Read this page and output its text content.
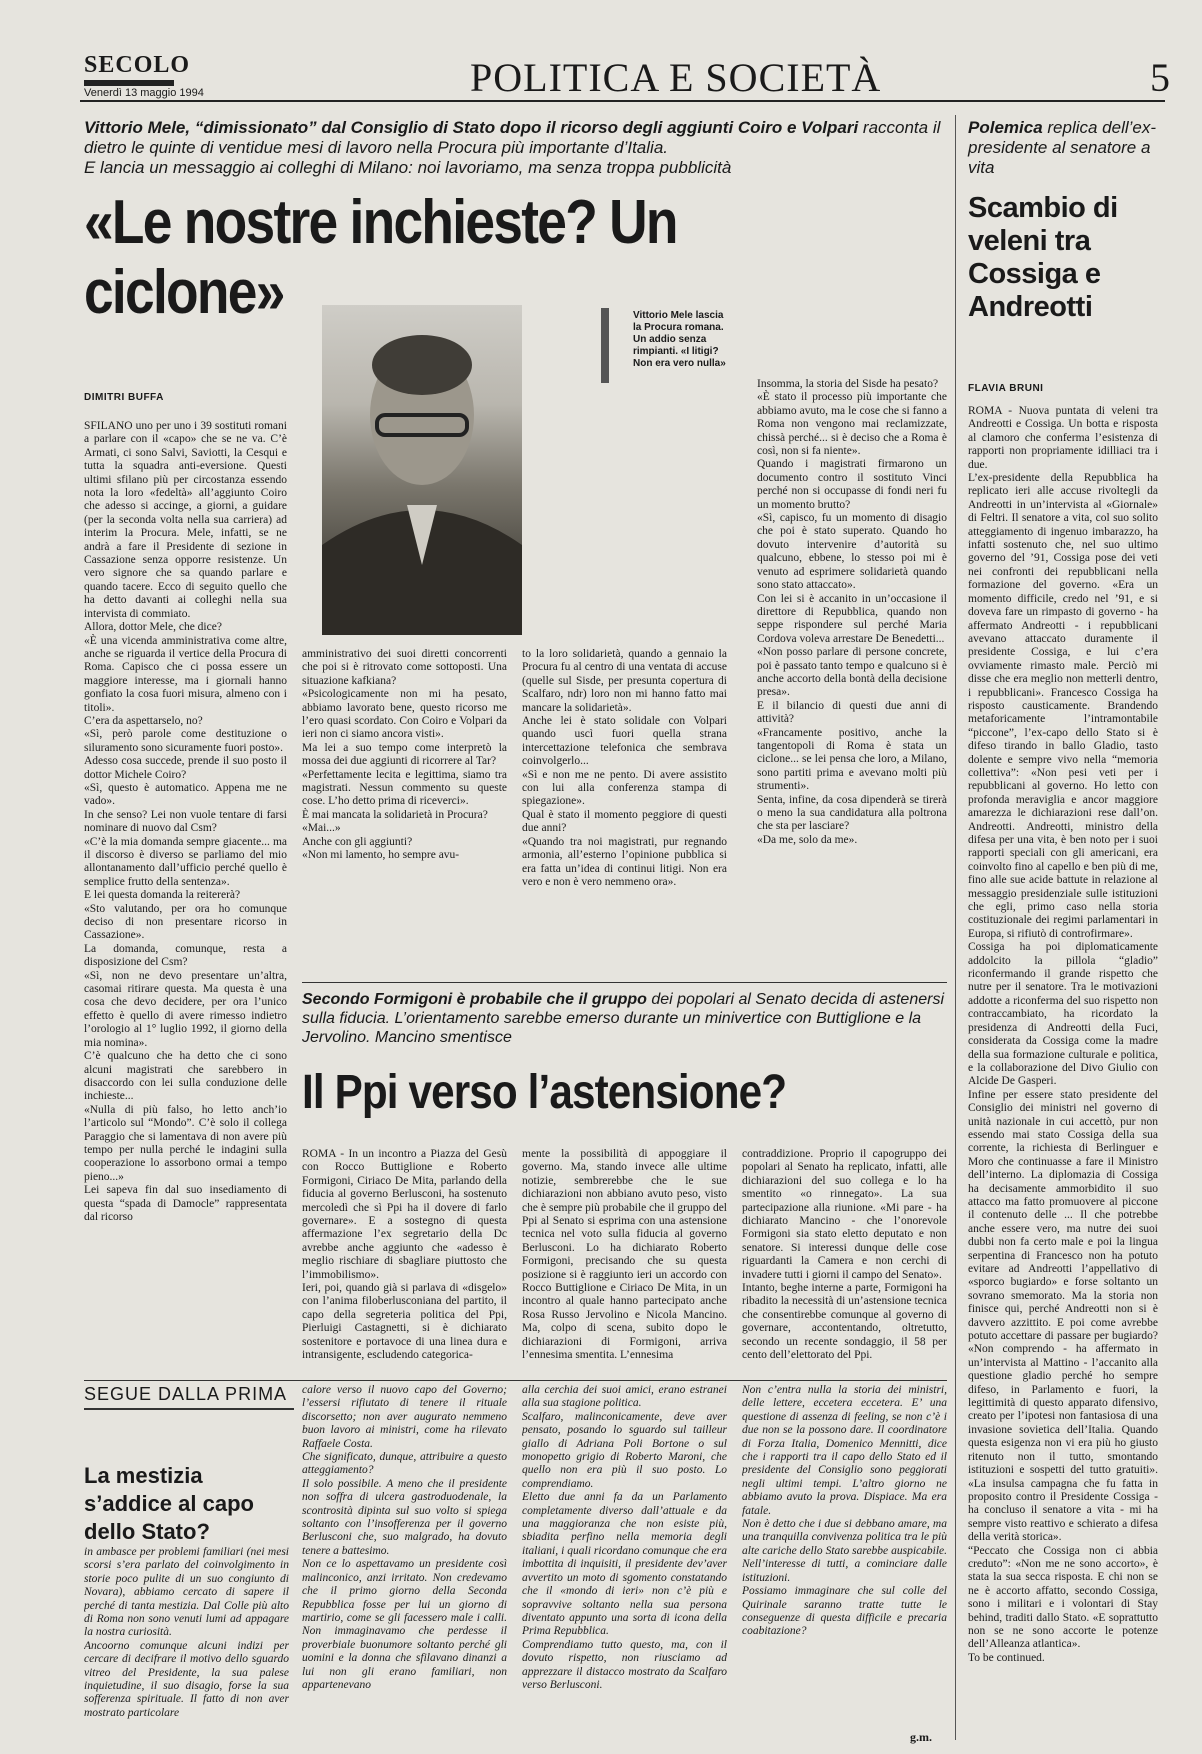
SECOLO
Venerdì 13 maggio 1994	POLITICA E SOCIETÀ	5
Vittorio Mele, “dimissionato” dal Consiglio di Stato dopo il ricorso degli aggiunti Coiro e Volpari racconta il dietro le quinte di ventidue mesi di lavoro nella Procura più importante d’Italia.
E lancia un messaggio ai colleghi di Milano: noi lavoriamo, ma senza troppa pubblicità
«Le nostre inchieste? Un ciclone»
DIMITRI BUFFA
Vittorio Mele lascia la Procura romana. Un addio senza rimpianti. «I litigi? Non era vero nulla»
SFILANO uno per uno i 39 sostituti romani a parlare con il «capo» che se ne va. C’è Armati, ci sono Salvi, Saviotti, la Cesqui e tutta la squadra anti-eversione. Questi ultimi sfilano più per circostanza essendo nota la loro «fedeltà» all’aggiunto Coiro che adesso si accinge, a giorni, a guidare (per la seconda volta nella sua carriera) ad interim la Procura. Mele, infatti, se ne andrà a fare il Presidente di sezione in Cassazione senza opporre resistenze. Un vero signore che sa quando parlare e quando tacere. Ecco di seguito quello che ha detto davanti ai colleghi nella sua intervista di commiato.
Allora, dottor Mele, che dice?
«È una vicenda amministrativa come altre, anche se riguarda il vertice della Procura di Roma. Capisco che ci possa essere un maggiore interesse, ma i giornali hanno gonfiato la cosa fuori misura, almeno con i titoli».
C’era da aspettarselo, no?
«Sì, però parole come destituzione o siluramento sono sicuramente fuori posto».
Adesso cosa succede, prende il suo posto il dottor Michele Coiro?
«Sì, questo è automatico. Appena me ne vado».
In che senso? Lei non vuole tentare di farsi nominare di nuovo dal Csm?
«C’è la mia domanda sempre giacente... ma il discorso è diverso se parliamo del mio allontanamento dall’ufficio perché quello è semplice frutto della sentenza».
E lei questa domanda la reitererà?
«Sto valutando, per ora ho comunque deciso di non presentare ricorso in Cassazione».
La domanda, comunque, resta a disposizione del Csm?
«Sì, non ne devo presentare un’altra, casomai ritirare questa. Ma questa è una cosa che devo decidere, per ora l’unico effetto è quello di avere rimesso indietro l’orologio al 1° luglio 1992, il giorno della mia nomina».
C’è qualcuno che ha detto che ci sono alcuni magistrati che sarebbero in disaccordo con lei sulla conduzione delle inchieste...
«Nulla di più falso, ho letto anch’io l’articolo sul “Mondo”. C’è solo il collega Paraggio che si lamentava di non avere più tempo per nulla perché le indagini sulla cooperazione lo assorbono ormai a tempo pieno...»
Lei sapeva fin dal suo insediamento di questa “spada di Damocle” rappresentata dal ricorso
amministrativo dei suoi diretti concorrenti che poi si è ritrovato come sottoposti. Una situazione kafkiana?
«Psicologicamente non mi ha pesato, abbiamo lavorato bene, questo ricorso me l’ero quasi scordato. Con Coiro e Volpari da ieri non ci siamo ancora visti».
Ma lei a suo tempo come interpretò la mossa dei due aggiunti di ricorrere al Tar?
«Perfettamente lecita e legittima, siamo tra magistrati. Nessun commento su queste cose. L’ho detto prima di riceverci».
È mai mancata la solidarietà in Procura?
«Mai...»
Anche con gli aggiunti?
«Non mi lamento, ho sempre avu-
to la loro solidarietà, quando a gennaio la Procura fu al centro di una ventata di accuse (quelle sul Sisde, per presunta copertura di Scalfaro, ndr) loro non mi hanno fatto mai mancare la solidarietà».
Anche lei è stato solidale con Volpari quando uscì fuori quella strana intercettazione telefonica che sembrava coinvolgerlo...
«Sì e non me ne pento. Di avere assistito con lui alla conferenza stampa di spiegazione».
Qual è stato il momento peggiore di questi due anni?
«Quando tra noi magistrati, pur regnando armonia, all’esterno l’opinione pubblica si era fatta un’idea di continui litigi. Non era vero e non è vero nemmeno ora».
Insomma, la storia del Sisde ha pesato?
«È stato il processo più importante che abbiamo avuto, ma le cose che si fanno a Roma non vengono mai reclamizzate, chissà perché... si è deciso che a Roma è così, non si fa niente».
Quando i magistrati firmarono un documento contro il sostituto Vinci perché non si occupasse di fondi neri fu un momento brutto?
«Sì, capisco, fu un momento di disagio che poi è stato superato. Quando ho dovuto intervenire d’autorità su qualcuno, ebbene, lo stesso poi mi è venuto ad esprimere solidarietà quando sono stato attaccato».
Con lei si è accanito in un’occasione il direttore di Repubblica, quando non seppe rispondere sul perché Maria Cordova voleva arrestare De Benedetti...
«Non posso parlare di persone concrete, poi è passato tanto tempo e qualcuno si è anche accorto della bontà della decisione presa».
E il bilancio di questi due anni di attività?
«Francamente positivo, anche la tangentopoli di Roma è stata un ciclone... se lei pensa che loro, a Milano, sono partiti prima e avevano molti più strumenti».
Senta, infine, da cosa dipenderà se tirerà o meno la sua candidatura alla poltrona che sta per lasciare?
«Da me, solo da me».
Secondo Formigoni è probabile che il gruppo dei popolari al Senato decida di astenersi sulla fiducia. L’orientamento sarebbe emerso durante un minivertice con Buttiglione e la Jervolino. Mancino smentisce
Il Ppi verso l’astensione?
ROMA - In un incontro a Piazza del Gesù con Rocco Buttiglione e Roberto Formigoni, Ciriaco De Mita, parlando della fiducia al governo Berlusconi, ha sostenuto mercoledì che sì Ppi ha il dovere di farlo governare». E a sostegno di questa affermazione l’ex segretario della Dc avrebbe anche aggiunto che «adesso è meglio rischiare di sbagliare piuttosto che l’immobilismo».
Ieri, poi, quando già si parlava di «disgelo» con l’anima filoberlusconiana del partito, il capo della segreteria politica del Ppi, Pierluigi Castagnetti, si è dichiarato sostenitore e portavoce di una linea dura e intransigente, escludendo categorica-
mente la possibilità di appoggiare il governo. Ma, stando invece alle ultime notizie, sembrerebbe che le sue dichiarazioni non abbiano avuto peso, visto che è sempre più probabile che il gruppo del Ppi al Senato si esprima con una astensione tecnica nel voto sulla fiducia al governo Berlusconi. Lo ha dichiarato Roberto Formigoni, precisando che su questa posizione si è raggiunto ieri un accordo con Rocco Buttiglione e Ciriaco De Mita, in un incontro al quale hanno partecipato anche Rosa Russo Jervolino e Nicola Mancino. Ma, colpo di scena, subito dopo le dichiarazioni di Formigoni, arriva l’ennesima smentita. L’ennesima
contraddizione. Proprio il capogruppo dei popolari al Senato ha replicato, infatti, alle dichiarazioni del suo collega e lo ha smentito «o rinnegato». La sua partecipazione alla riunione. «Mi pare - ha dichiarato Mancino - che l’onorevole Formigoni sia stato eletto deputato e non senatore. Si interessi dunque delle cose riguardanti la Camera e non cerchi di invadere tutti i giorni il campo del Senato».
Intanto, beghe interne a parte, Formigoni ha ribadito la necessità di un’astensione tecnica che consentirebbe comunque al governo di governare, accontentando, oltretutto, secondo un recente sondaggio, il 58 per cento dell’elettorato del Ppi.
SEGUE DALLA PRIMA
La mestizia s’addice al capo dello Stato?
in ambasce per problemi familiari (nei mesi scorsi s’era parlato del coinvolgimento in storie poco pulite di un suo congiunto di Novara), abbiamo cercato di sapere il perché di tanta mestizia. Dal Colle più alto di Roma non sono venuti lumi ad appagare la nostra curiosità.
Ancoorno comunque alcuni indizi per cercare di decifrare il motivo dello sguardo vitreo del Presidente, la sua palese inquietudine, il suo disagio, forse la sua sofferenza spirituale. Il fatto di non aver mostrato particolare
calore verso il nuovo capo del Governo; l’essersi rifiutato di tenere il rituale discorsetto; non aver augurato nemmeno buon lavoro ai ministri, come ha rilevato Raffaele Costa.
Che significato, dunque, attribuire a questo atteggiamento?
Il solo possibile. A meno che il presidente non soffra di ulcera gastroduodenale, la scontrosità dipinta sul suo volto si spiega soltanto con l’insofferenza per il governo Berlusconi che, suo malgrado, ha dovuto tenere a battesimo.
Non ce lo aspettavamo un presidente così malinconico, anzi irritato. Non credevamo che il primo giorno della Seconda Repubblica fosse per lui un giorno di martirio, come se gli facessero male i calli. Non immaginavamo che perdesse il proverbiale buonumore soltanto perché gli uomini e la donna che sfilavano dinanzi a lui non gli erano familiari, non appartenevano
alla cerchia dei suoi amici, erano estranei alla sua stagione politica.
Scalfaro, malinconicamente, deve aver pensato, posando lo sguardo sul tailleur giallo di Adriana Poli Bortone o sul monopetto grigio di Roberto Maroni, che quello non era più il suo posto. Lo comprendiamo.
Eletto due anni fa da un Parlamento completamente diverso dall’attuale e da una maggioranza che non esiste più, sbiadita perfino nella memoria degli italiani, i quali ricordano comunque che era imbottita di inquisiti, il presidente dev’aver avvertito un moto di sgomento constatando che il «mondo di ieri» non c’è più e sopravvive soltanto nella sua persona diventato appunto una sorta di icona della Prima Repubblica.
Comprendiamo tutto questo, ma, con il dovuto rispetto, non riusciamo ad apprezzare il distacco mostrato da Scalfaro verso Berlusconi.
Non c’entra nulla la storia dei ministri, delle lettere, eccetera eccetera. E’ una questione di assenza di feeling, se non c’è i due non se la possono dare. Il coordinatore di Forza Italia, Domenico Mennitti, dice che i rapporti tra il capo dello Stato ed il presidente del Consiglio sono peggiorati negli ultimi tempi. L’altro giorno ne abbiamo avuto la prova. Dispiace. Ma era fatale.
Non è detto che i due si debbano amare, ma una tranquilla convivenza politica tra le più alte cariche dello Stato sarebbe auspicabile. Nell’interesse di tutti, a cominciare dalle istituzioni.
Possiamo immaginare che sul colle del Quirinale saranno tratte tutte le conseguenze di questa difficile e precaria coabitazione?
g.m.
Polemica replica dell’ex-presidente al senatore a vita
Scambio di veleni tra Cossiga e Andreotti
FLAVIA BRUNI
ROMA - Nuova puntata di veleni tra Andreotti e Cossiga. Un botta e risposta al clamoro che conferma l’esistenza di rapporti non propriamente idilliaci tra i due.
L’ex-presidente della Repubblica ha replicato ieri alle accuse rivoltegli da Andreotti in un’intervista al «Giornale» di Feltri. Il senatore a vita, col suo solito atteggiamento di ingenuo imbarazzo, ha infatti sostenuto che, nel suo ultimo governo del ’91, Cossiga pose dei veti nei confronti dei repubblicani nella formazione del governo. «Era un momento difficile, credo nel ’91, e si doveva fare un rimpasto di governo - ha affermato Andreotti - i repubblicani avevano attaccato duramente il presidente Cossiga, e lui c’era ovviamente rimasto male. Perciò mi disse che era meglio non metterli dentro, i repubblicani». Francesco Cossiga ha risposto causticamente. Brandendo metaforicamente l’intramontabile “piccone”, l’ex-capo dello Stato si è difeso tirando in ballo Gladio, tasto dolente e sempre vivo nella “memoria collettiva”: «Non pesi veti per i repubblicani al governo. Ho letto con profonda meraviglia e ancor maggiore amarezza le dichiarazioni rese dall’on. Andreotti. Andreotti, ministro della difesa per una vita, è ben noto per i suoi rapporti speciali con gli americani, era coinvolto fino al capello e ben più di me, fino alle sue acide battute in relazione al messaggio presidenziale sulle istituzioni che egli, primo caso nella storia costituzionale dei regimi parlamentari in Europa, si rifiutò di controfirmare».
Cossiga ha poi diplomaticamente addolcito la pillola “gladio” riconfermando il grande rispetto che nutre per il senatore. Tra le motivazioni addotte a riconferma del suo rispetto non contraccambiato, ha ricordato la presidenza di Andreotti della Fuci, considerata da Cossiga come la madre della sua formazione culturale e politica, e la collaborazione del Divo Giulio con Alcide De Gasperi.
Infine per essere stato presidente del Consiglio dei ministri nel governo di unità nazionale in cui accettò, pur non essendo mai stato Cossiga della sua corrente, la richiesta di Berlinguer e Moro che continuasse a fare il Ministro dell’interno. La diplomazia di Cossiga ha decisamente ammorbidito il suo attacco ma fatto promuovere al piccone il contenuto delle ... Il che potrebbe anche essere vero, ma nutre dei suoi dubbi non fa certo male e poi la lingua serpentina di Francesco non ha potuto evitare ad Andreotti l’appellativo di «sporco bugiardo» e forse soltanto un sovrano smemorato. Ma la storia non finisce qui, perché Andreotti non si è davvero azzittito. E poi come avrebbe potuto accettare di passare per bugiardo? «Non comprendo - ha affermato in un’intervista al Mattino - l’accanito alla questione gladio perché ho sempre difeso, in Parlamento e fuori, la legittimità di questo apparato difensivo, creato per l’ipotesi non fantasiosa di una invasione sovietica dell’Italia. Quando questa esigenza non vi era più ho giusto ritenuto non il tutto, smontando istituzioni e sospetti del tutto gratuiti». «La insulsa campagna che fu fatta in proposito contro il Presidente Cossiga - ha concluso il senatore a vita - mi ha sempre visto reattivo e schierato a difesa della verità storica».
“Peccato che Cossiga non ci abbia creduto”: «Non me ne sono accorto», è stata la sua secca risposta. E chi non se ne è accorto affatto, secondo Cossiga, sono i militari e i volontari di Stay behind, traditi dallo Stato. «E soprattutto non se ne sono accorte le potenze dell’Alleanza atlantica».
To be continued.
